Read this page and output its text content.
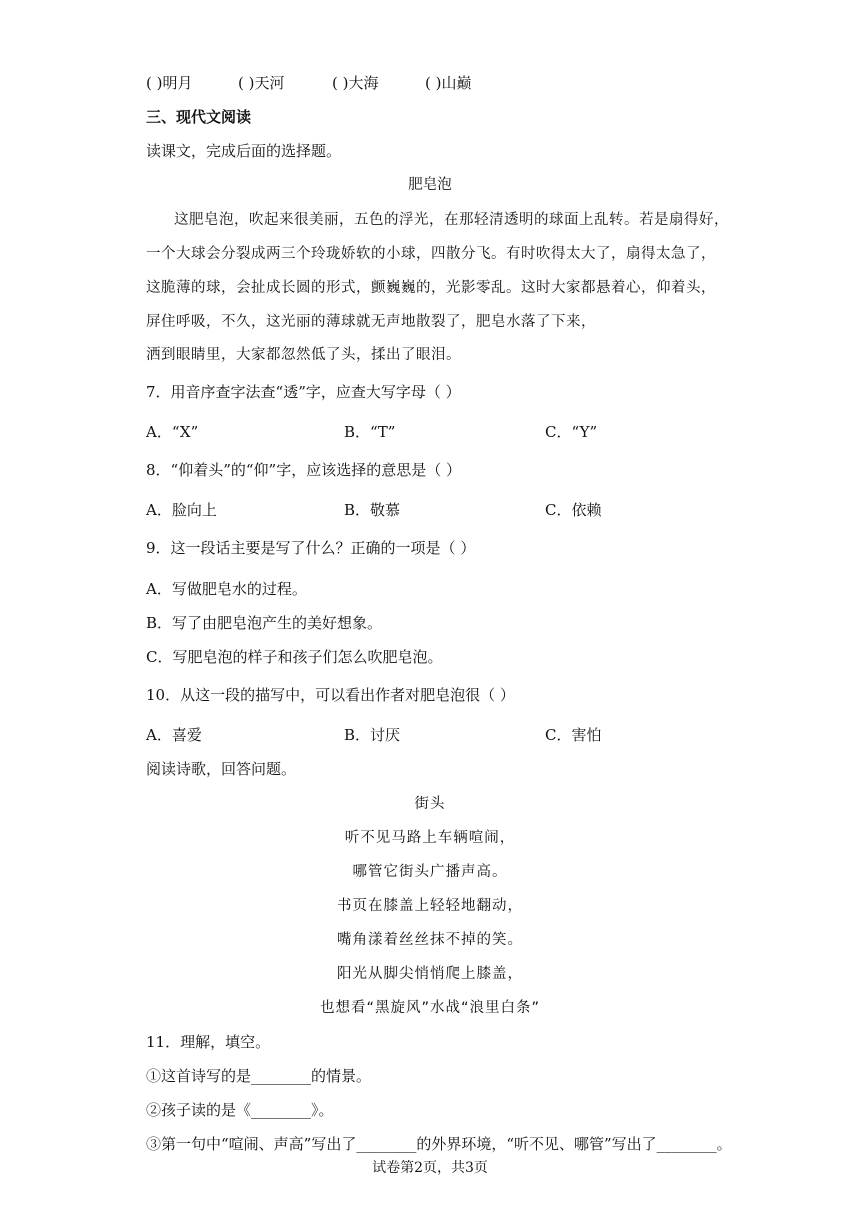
( )明月	( )天河	( )大海	( )山巅
三、现代文阅读
读课文，完成后面的选择题。
肥皂泡
这肥皂泡，吹起来很美丽，五色的浮光，在那轻清透明的球面上乱转。若是扇得好，
一个大球会分裂成两三个玲珑娇软的小球，四散分飞。有时吹得太大了，扇得太急了，
这脆薄的球，会扯成长圆的形式，颤巍巍的，光影零乱。这时大家都悬着心，仰着头，
屏住呼吸，不久，这光丽的薄球就无声地散裂了，肥皂水落了下来，
洒到眼睛里，大家都忽然低了头，揉出了眼泪。
7．用音序查字法查“透”字，应查大写字母（ ）
A．“X”	B．“T”	C．“Y”
8．“仰着头”的“仰”字，应该选择的意思是（ ）
A．脸向上	B．敬慕	C．依赖
9．这一段话主要是写了什么？正确的一项是（ ）
A．写做肥皂水的过程。
B．写了由肥皂泡产生的美好想象。
C．写肥皂泡的样子和孩子们怎么吹肥皂泡。
10．从这一段的描写中，可以看出作者对肥皂泡很（ ）
A．喜爱	B．讨厌	C．害怕
阅读诗歌，回答问题。
街头
听不见马路上车辆喧闹，
哪管它街头广播声高。
书页在膝盖上轻轻地翻动，
嘴角漾着丝丝抹不掉的笑。
阳光从脚尖悄悄爬上膝盖，
也想看“黑旋风”水战“浪里白条”
11．理解，填空。
①这首诗写的是________的情景。
②孩子读的是《________》。
③第一句中“喧闹、声高”写出了________的外界环境，“听不见、哪管”写出了________。
试卷第2页，共3页
